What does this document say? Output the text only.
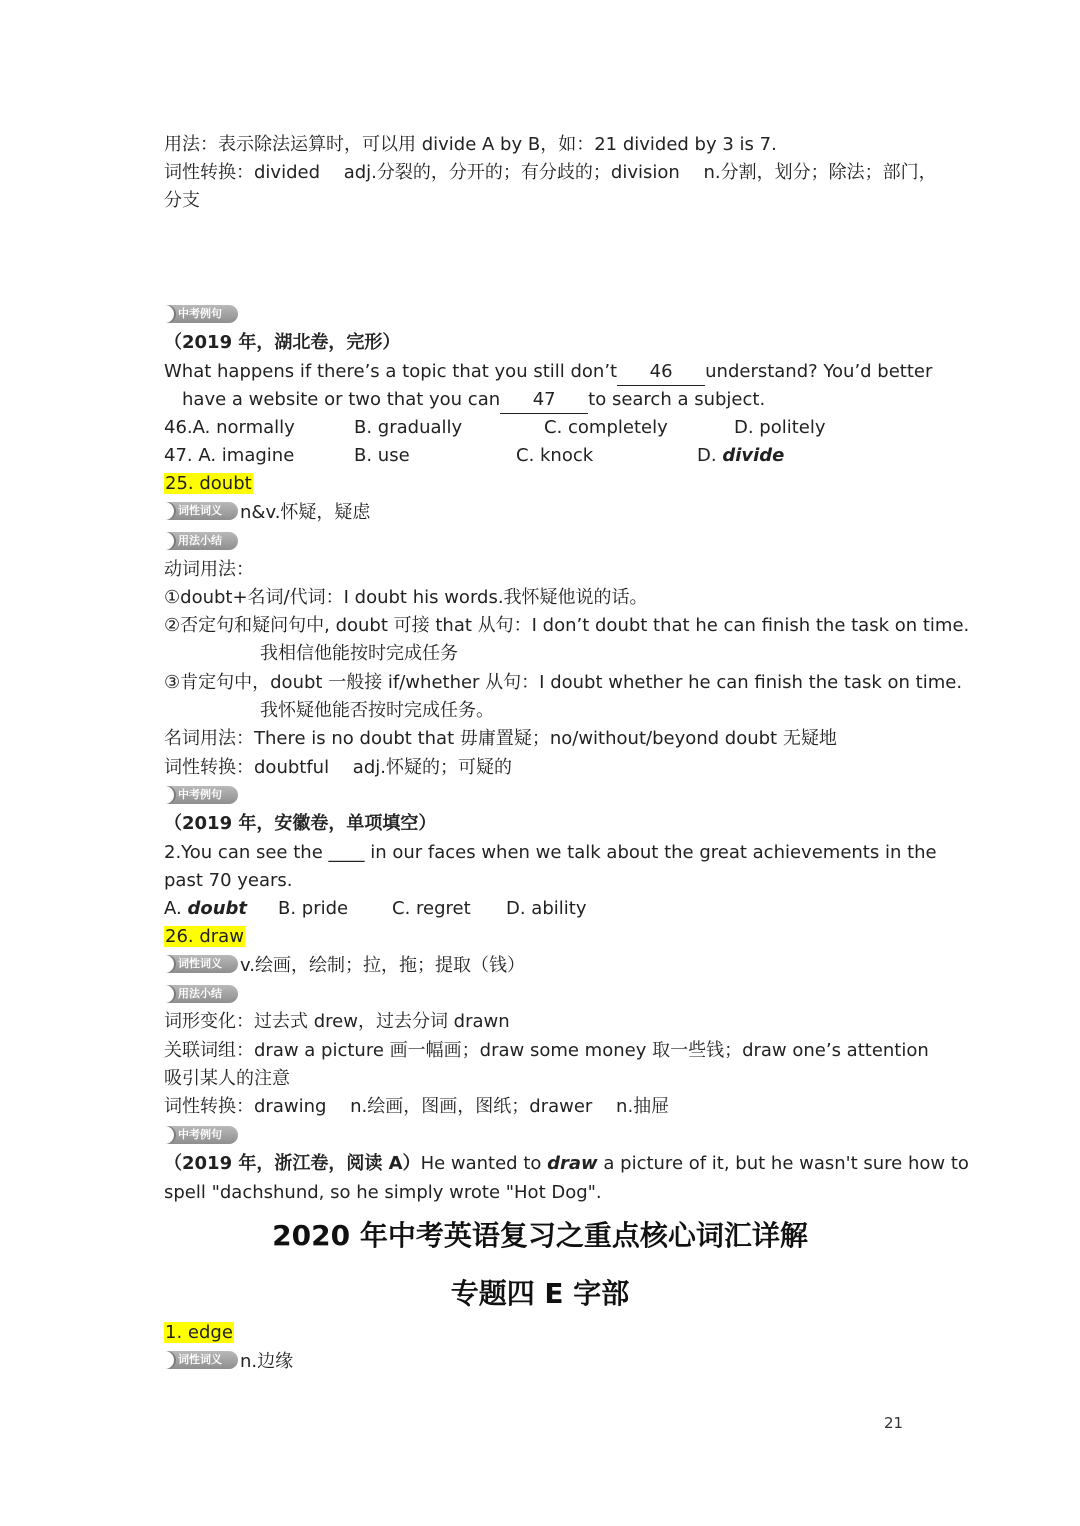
用法：表示除法运算时，可以用 divide A by B，如：21 divided by 3 is 7.
词性转换：divided　 adj.分裂的，分开的；有分歧的；division　 n.分割，划分；除法；部门，
分支
中考例句
（2019 年，湖北卷，完形）
What happens if there’s a topic that you still don’t 46 understand? You’d better
have a website or two that you can 47 to search a subject.
46.A. normally	B. gradually	C. completely	D. politely
47. A. imagine	B. use	C. knock	D. divide
25. doubt
词性词义 n&v.怀疑，疑虑
用法小结
动词用法：
①doubt+名词/代词：I doubt his words.我怀疑他说的话。
②否定句和疑问句中, doubt 可接 that 从句：I don’t doubt that he can finish the task on time.
我相信他能按时完成任务
③肯定句中，doubt 一般接 if/whether 从句：I doubt whether he can finish the task on time.
我怀疑他能否按时完成任务。
名词用法：There is no doubt that 毋庸置疑；no/without/beyond doubt 无疑地
词性转换：doubtful　 adj.怀疑的；可疑的
中考例句
（2019 年，安徽卷，单项填空）
2.You can see the ____ in our faces when we talk about the great achievements in the
past 70 years.
A. doubt B. pride C. regret D. ability
26. draw
词性词义 v.绘画，绘制；拉，拖；提取（钱）
用法小结
词形变化：过去式 drew，过去分词 drawn
关联词组：draw a picture 画一幅画；draw some money 取一些钱；draw one’s attention
吸引某人的注意
词性转换：drawing　 n.绘画，图画，图纸；drawer　 n.抽屉
中考例句
（2019 年，浙江卷，阅读 A）He wanted to draw a picture of it, but he wasn't sure how to
spell "dachshund, so he simply wrote "Hot Dog".
2020 年中考英语复习之重点核心词汇详解
专题四 E 字部
1. edge
词性词义 n.边缘
21
